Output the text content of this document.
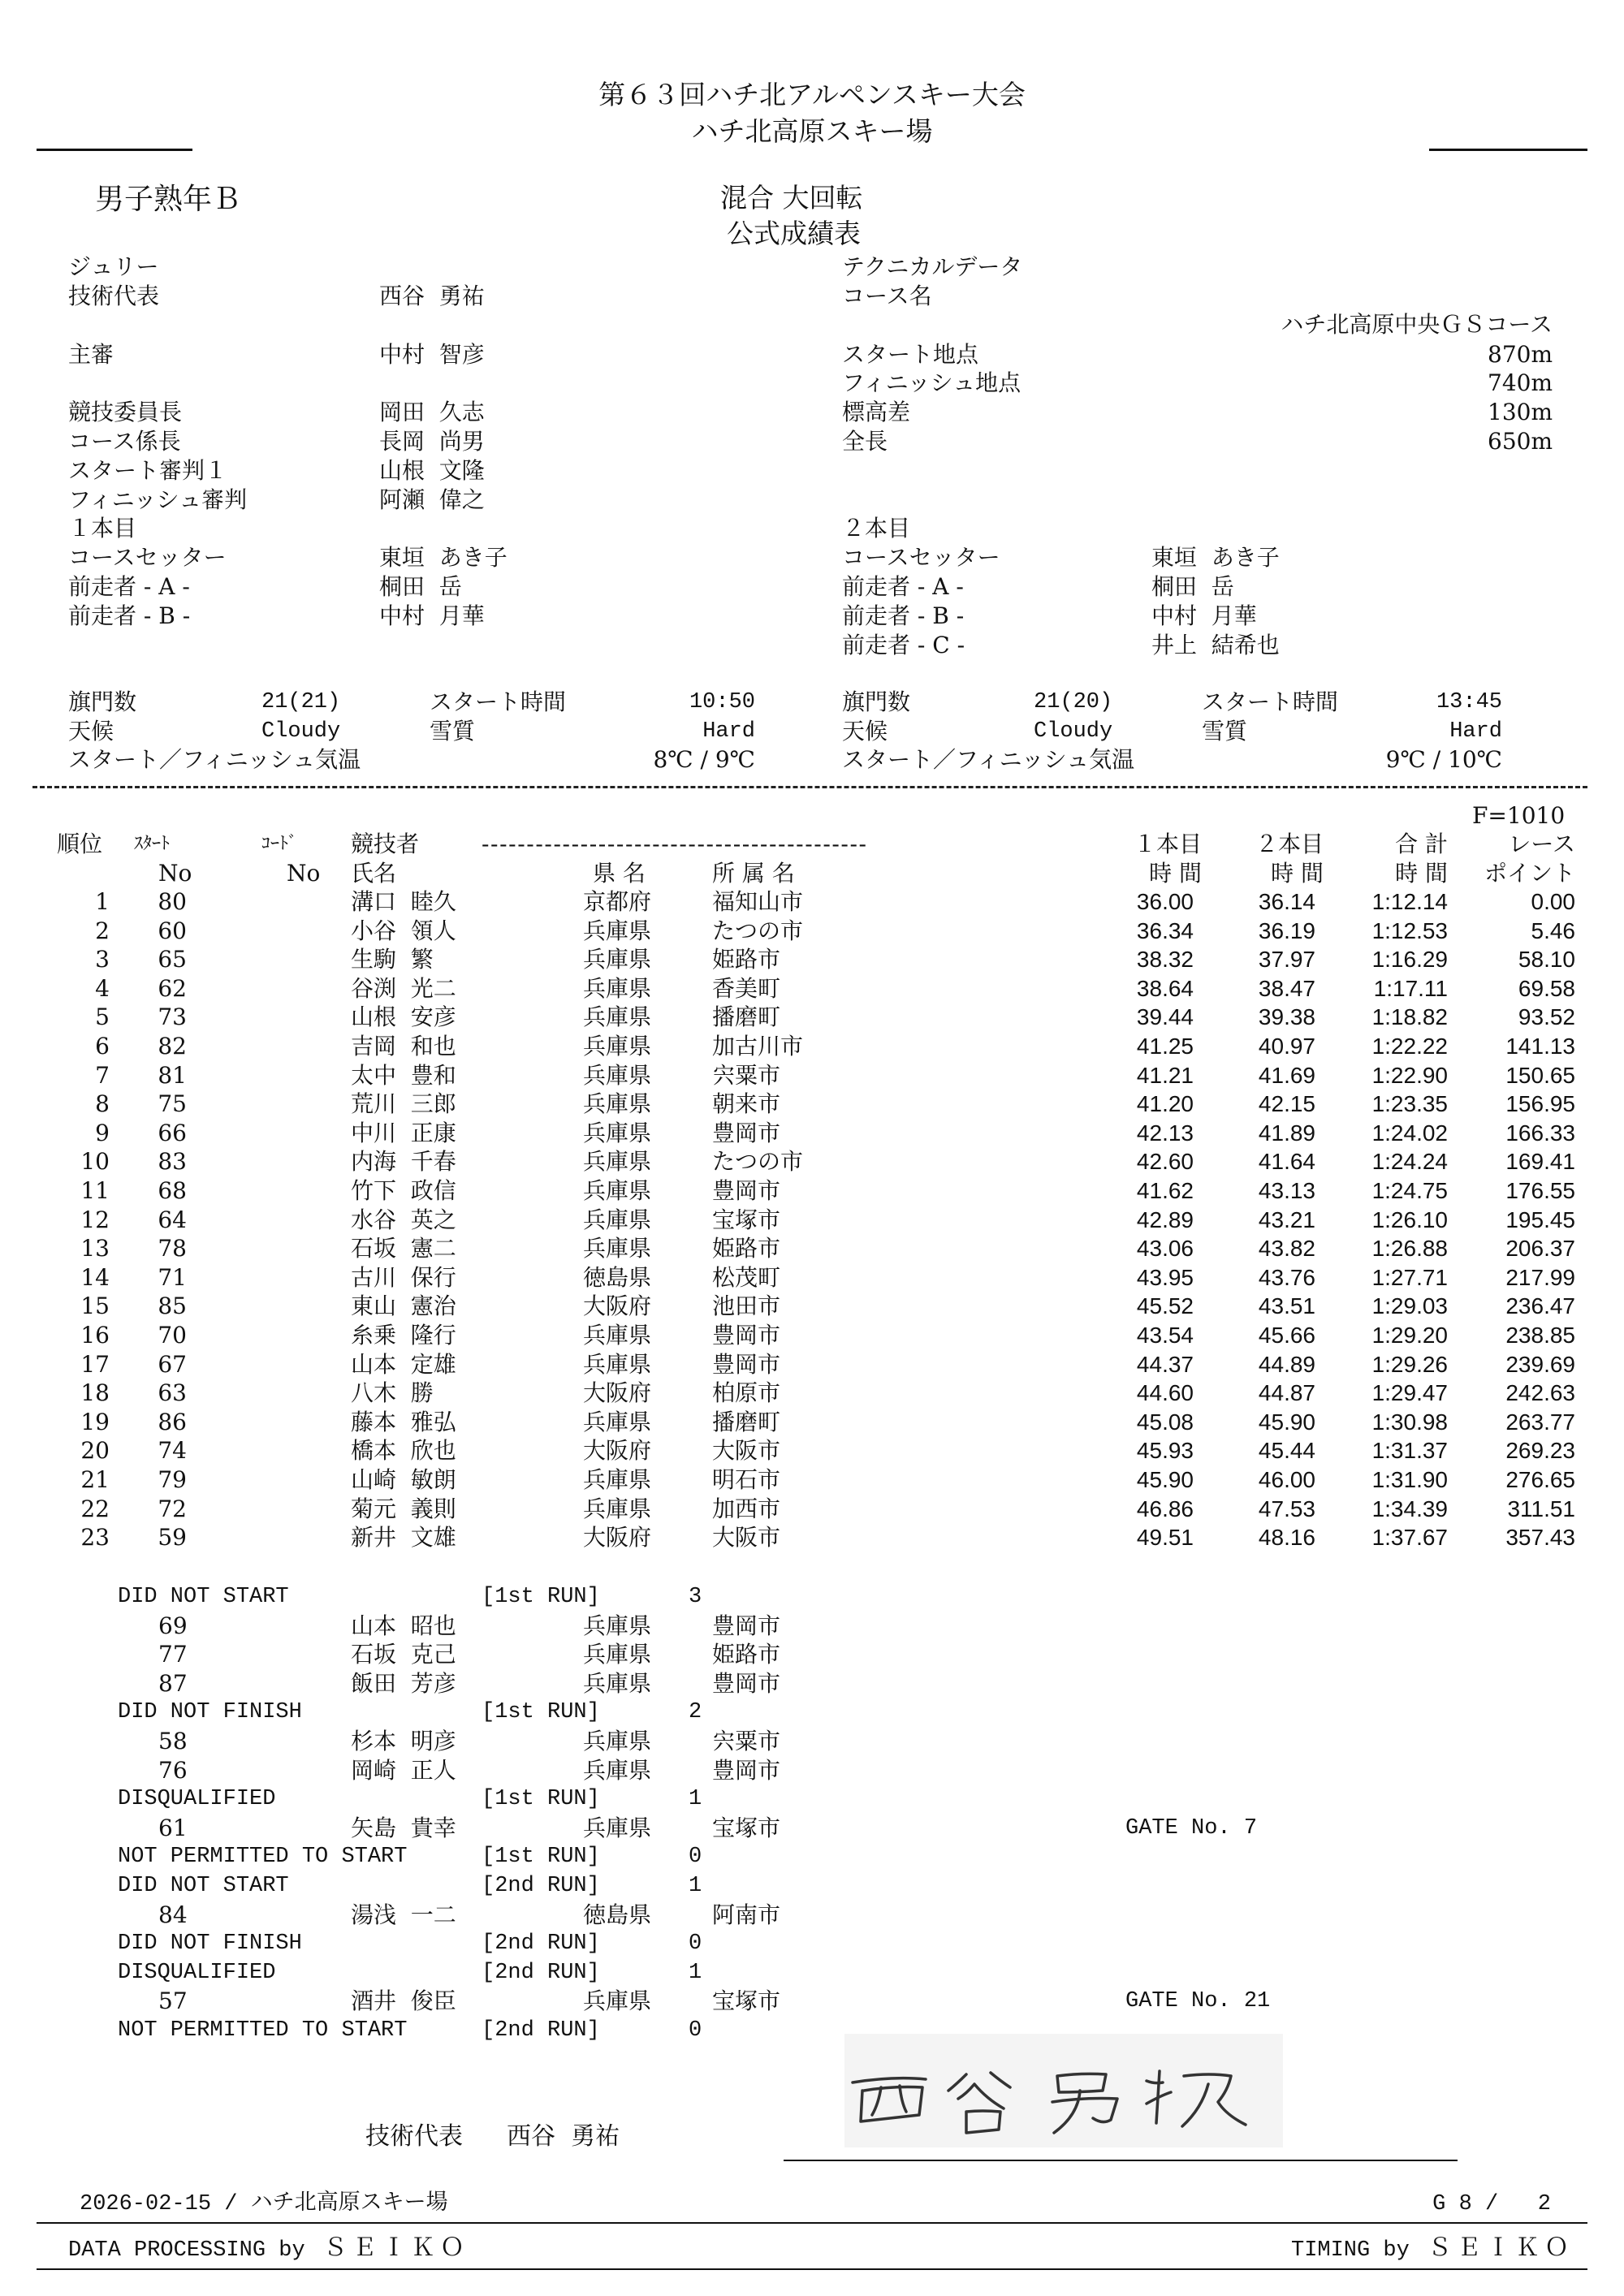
第６３回ハチ北アルペンスキー大会
ハチ北高原スキー場
男子熟年Ｂ	混合 大回転
公式成績表
ジュリー
技術代表	西谷  勇祐
主審	中村  智彦
競技委員長	岡田  久志
コース係長	長岡  尚男
スタート審判１	山根  文隆
フィニッシュ審判	阿瀬  偉之
テクニカルデータ
コース名
ハチ北高原中央ＧＳコース
スタート地点	870m
フィニッシュ地点	740m
標高差	130m
全長	650m
１本目	２本目
コースセッター	東垣  あき子
前走者 - A -	桐田  岳
前走者 - B -	中村  月華
コースセッター	東垣  あき子
前走者 - A -	桐田  岳
前走者 - B -	中村  月華
前走者 - C -	井上  結希也
旗門数	21(21)	スタート時間	10:50
天候	Cloudy	雪質	Hard
スタート／フィニッシュ気温	8℃ / 9℃
旗門数	21(20)	スタート時間	13:45
天候	Cloudy	雪質	Hard
スタート／フィニッシュ気温	9℃ / 10℃
F=1010
順位 ｽﾀｰﾄ
No
ｺｰﾄﾞ
No
競技者	-------------------------------------------
氏名	県 名	所 属 名
１本目	２本目	合 計	レース
時 間	時 間	時 間	ポイント
1	80	溝口  睦久	京都府	福知山市	36.00	36.14	1:12.14	0.00
2	60	小谷  領人	兵庫県	たつの市	36.34	36.19	1:12.53	5.46
3	65	生駒  繁	兵庫県	姫路市	38.32	37.97	1:16.29	58.10
4	62	谷渕  光二	兵庫県	香美町	38.64	38.47	1:17.11	69.58
5	73	山根  安彦	兵庫県	播磨町	39.44	39.38	1:18.82	93.52
6	82	吉岡  和也	兵庫県	加古川市	41.25	40.97	1:22.22	141.13
7	81	太中  豊和	兵庫県	宍粟市	41.21	41.69	1:22.90	150.65
8	75	荒川  三郎	兵庫県	朝来市	41.20	42.15	1:23.35	156.95
9	66	中川  正康	兵庫県	豊岡市	42.13	41.89	1:24.02	166.33
10	83	内海  千春	兵庫県	たつの市	42.60	41.64	1:24.24	169.41
11	68	竹下  政信	兵庫県	豊岡市	41.62	43.13	1:24.75	176.55
12	64	水谷  英之	兵庫県	宝塚市	42.89	43.21	1:26.10	195.45
13	78	石坂  憲二	兵庫県	姫路市	43.06	43.82	1:26.88	206.37
14	71	古川  保行	徳島県	松茂町	43.95	43.76	1:27.71	217.99
15	85	東山  憲治	大阪府	池田市	45.52	43.51	1:29.03	236.47
16	70	糸乗  隆行	兵庫県	豊岡市	43.54	45.66	1:29.20	238.85
17	67	山本  定雄	兵庫県	豊岡市	44.37	44.89	1:29.26	239.69
18	63	八木  勝	大阪府	柏原市	44.60	44.87	1:29.47	242.63
19	86	藤本  雅弘	兵庫県	播磨町	45.08	45.90	1:30.98	263.77
20	74	橋本  欣也	大阪府	大阪市	45.93	45.44	1:31.37	269.23
21	79	山崎  敏朗	兵庫県	明石市	45.90	46.00	1:31.90	276.65
22	72	菊元  義則	兵庫県	加西市	46.86	47.53	1:34.39	311.51
23	59	新井  文雄	大阪府	大阪市	49.51	48.16	1:37.67	357.43
DID NOT START	[1st RUN]	3
69	山本  昭也	兵庫県	豊岡市
77	石坂  克己	兵庫県	姫路市
87	飯田  芳彦	兵庫県	豊岡市
DID NOT FINISH	[1st RUN]	2
58	杉本  明彦	兵庫県	宍粟市
76	岡崎  正人	兵庫県	豊岡市
DISQUALIFIED	[1st RUN]	1
61	矢島  貴幸	兵庫県	宝塚市	GATE No. 7
NOT PERMITTED TO START	[1st RUN]	0
DID NOT START	[2nd RUN]	1
84	湯浅  一二	徳島県	阿南市
DID NOT FINISH	[2nd RUN]	0
DISQUALIFIED	[2nd RUN]	1
57	酒井  俊臣	兵庫県	宝塚市	GATE No. 21
NOT PERMITTED TO START	[2nd RUN]	0
技術代表 西谷  勇祐
2026-02-15 / ハチ北高原スキー場	G 8 /   2
DATA PROCESSING by ＳＥＩＫＯ	TIMING by ＳＥＩＫＯ
